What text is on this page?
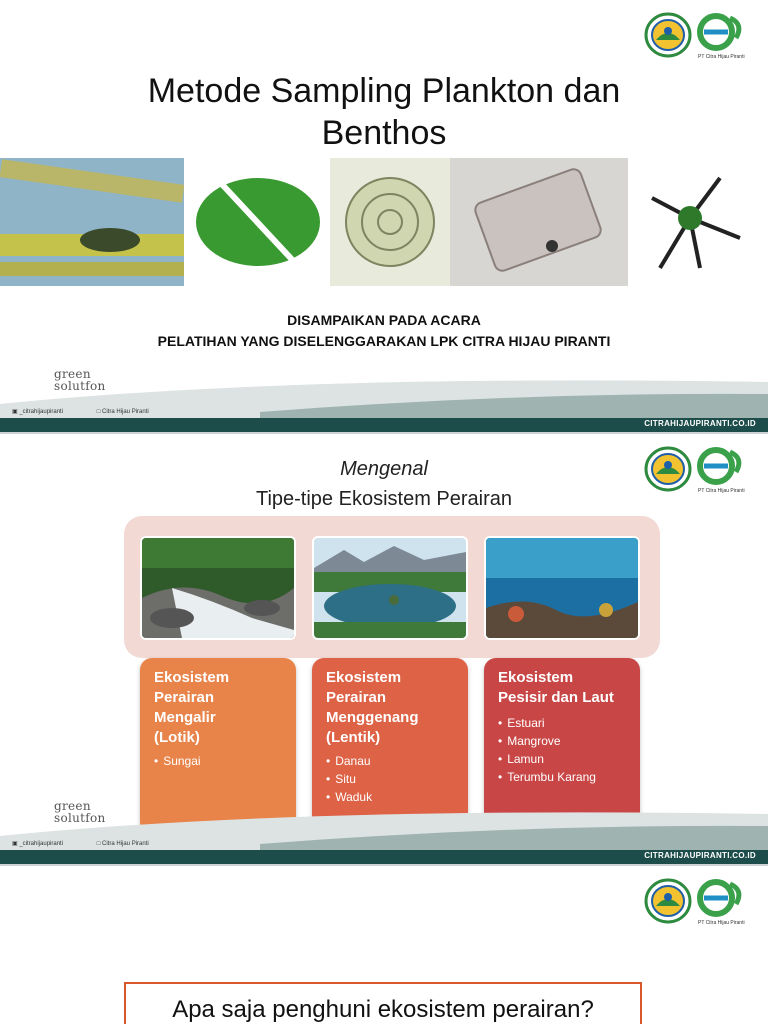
PT Citra Hijau Piranti
Metode Sampling Plankton dan
Benthos
DISAMPAIKAN PADA ACARA
PELATIHAN YANG DISELENGGARAKAN LPK CITRA HIJAU PIRANTI
green
solutfon
▣ _citrahijaupiranti	□ Citra Hijau Piranti
CITRAHIJAUPIRANTI.CO.ID
PT Citra Hijau Piranti
Mengenal
Tipe-tipe Ekosistem Perairan
Ekosistem
Perairan
Mengalir
(Lotik)
• Sungai
Ekosistem
Perairan
Menggenang
(Lentik)
• Danau
• Situ
• Waduk
Ekosistem
Pesisir dan Laut
• Estuari
• Mangrove
• Lamun
• Terumbu Karang
green
solutfon
▣ _citrahijaupiranti	□ Citra Hijau Piranti
CITRAHIJAUPIRANTI.CO.ID
PT Citra Hijau Piranti
Apa saja penghuni ekosistem perairan?
